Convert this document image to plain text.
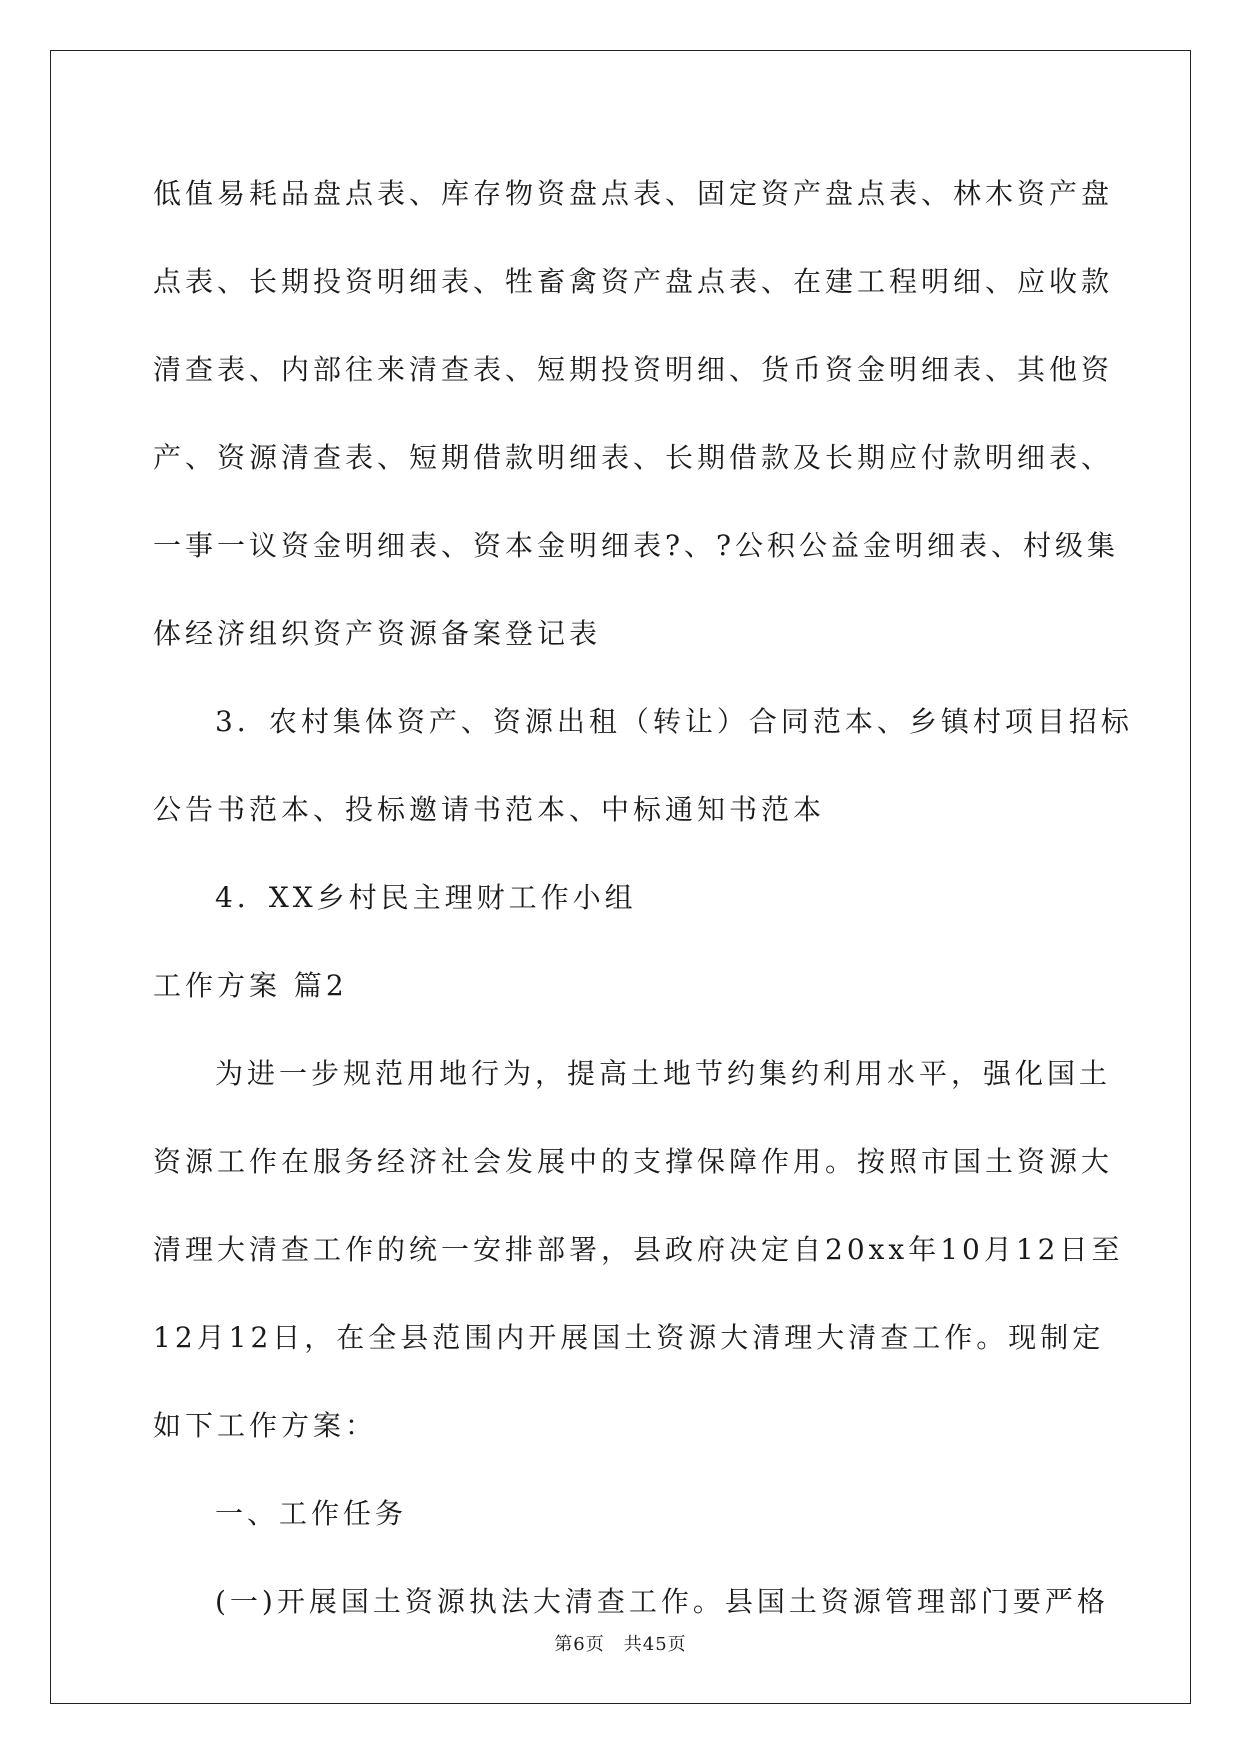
低值易耗品盘点表、库存物资盘点表、固定资产盘点表、林木资产盘
点表、长期投资明细表、牲畜禽资产盘点表、在建工程明细、应收款
清查表、内部往来清查表、短期投资明细、货币资金明细表、其他资
产、资源清查表、短期借款明细表、长期借款及长期应付款明细表、
一事一议资金明细表、资本金明细表?、?公积公益金明细表、村级集
体经济组织资产资源备案登记表
3．农村集体资产、资源出租（转让）合同范本、乡镇村项目招标
公告书范本、投标邀请书范本、中标通知书范本
4．XX乡村民主理财工作小组
工作方案 篇2
为进一步规范用地行为，提高土地节约集约利用水平，强化国土
资源工作在服务经济社会发展中的支撑保障作用。按照市国土资源大
清理大清查工作的统一安排部署，县政府决定自20xx年10月12日至
12月12日，在全县范围内开展国土资源大清理大清查工作。现制定
如下工作方案：
一、工作任务
(一)开展国土资源执法大清查工作。县国土资源管理部门要严格
第6页　共45页
